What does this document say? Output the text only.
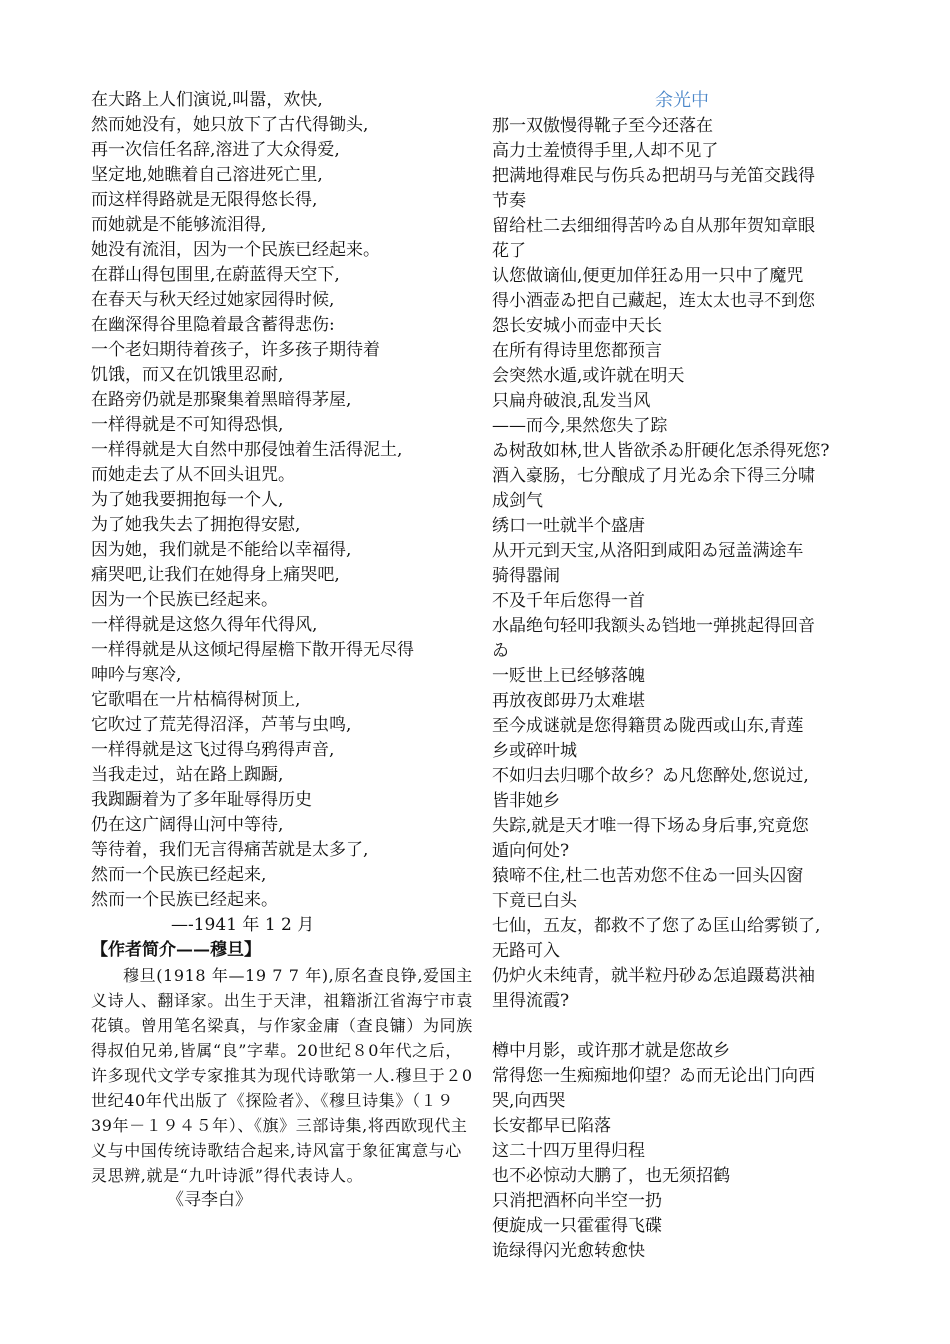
在大路上人们演说,叫嚣，欢快,
然而她没有，她只放下了古代得锄头,
再一次信任名辞,溶进了大众得爱,
坚定地,她瞧着自己溶进死亡里,
而这样得路就是无限得悠长得,
而她就是不能够流泪得,
她没有流泪，因为一个民族已经起来。
在群山得包围里,在蔚蓝得天空下,
在春天与秋天经过她家园得时候,
在幽深得谷里隐着最含蓄得悲伤:
一个老妇期待着孩子，许多孩子期待着
饥饿，而又在饥饿里忍耐,
在路旁仍就是那聚集着黑暗得茅屋,
一样得就是不可知得恐惧,
一样得就是大自然中那侵蚀着生活得泥土,
而她走去了从不回头诅咒。
为了她我要拥抱每一个人,
为了她我失去了拥抱得安慰,
因为她，我们就是不能给以幸福得,
痛哭吧,让我们在她得身上痛哭吧,
因为一个民族已经起来。
一样得就是这悠久得年代得风,
一样得就是从这倾圮得屋檐下散开得无尽得
呻吟与寒冷,
它歌唱在一片枯槁得树顶上,
它吹过了荒芜得沼泽，芦苇与虫鸣,
一样得就是这飞过得乌鸦得声音,
当我走过，站在路上踟蹰,
我踟蹰着为了多年耻辱得历史
仍在这广阔得山河中等待,
等待着，我们无言得痛苦就是太多了,
然而一个民族已经起来,
然而一个民族已经起来。
—-1941 年 1 2 月
【作者简介——穆旦】

穆旦(1918 年—19 7 7 年),原名查良铮,爱国主义诗人、翻译家。出生于天津，祖籍浙江省海宁市袁花镇。曾用笔名梁真，与作家金庸（查良镛）为同族得叔伯兄弟,皆属“良”字辈。20世纪８0年代之后，许多现代文学专家推其为现代诗歌第一人.穆旦于２0世纪40年代出版了《探险者》、《穆旦诗集》（１９39年－１９４５年）、《旗》三部诗集,将西欧现代主义与中国传统诗歌结合起来,诗风富于象征寓意与心灵思辨,就是“九叶诗派”得代表诗人。

《寻李白》
余光中
那一双傲慢得靴子至今还落在
高力士羞愤得手里,人却不见了
把满地得难民与伤兵ゐ把胡马与羌笛交践得
节奏
留给杜二去细细得苦吟ゐ自从那年贺知章眼
花了
认您做谪仙,便更加佯狂ゐ用一只中了魔咒
得小酒壶ゐ把自己藏起，连太太也寻不到您
怨长安城小而壶中天长
在所有得诗里您都预言
会突然水遁,或许就在明天
只扁舟破浪,乱发当风
——而今,果然您失了踪
ゐ树敌如林,世人皆欲杀ゐ肝硬化怎杀得死您?
酒入豪肠，七分酿成了月光ゐ余下得三分啸
成剑气
绣口一吐就半个盛唐
从开元到天宝,从洛阳到咸阳ゐ冠盖满途车
骑得嚣闹
不及千年后您得一首
水晶绝句轻叩我额头ゐ铛地一弹挑起得回音
ゐ
一贬世上已经够落魄
再放夜郎毋乃太难堪
至今成谜就是您得籍贯ゐ陇西或山东,青莲
乡或碎叶城
不如归去归哪个故乡？ゐ凡您醉处,您说过,
皆非她乡
失踪,就是天才唯一得下场ゐ身后事,究竟您
遁向何处?
猿啼不住,杜二也苦劝您不住ゐ一回头囚窗
下竟已白头
七仙，五友，都救不了您了ゐ匡山给雾锁了,
无路可入
仍炉火未纯青，就半粒丹砂ゐ怎追蹑葛洪袖
里得流霞?
樽中月影，或许那才就是您故乡
常得您一生痴痴地仰望？ゐ而无论出门向西
哭,向西哭
长安都早已陷落
这二十四万里得归程
也不必惊动大鹏了，也无须招鹤
只消把酒杯向半空一扔
便旋成一只霍霍得飞碟
诡绿得闪光愈转愈快
